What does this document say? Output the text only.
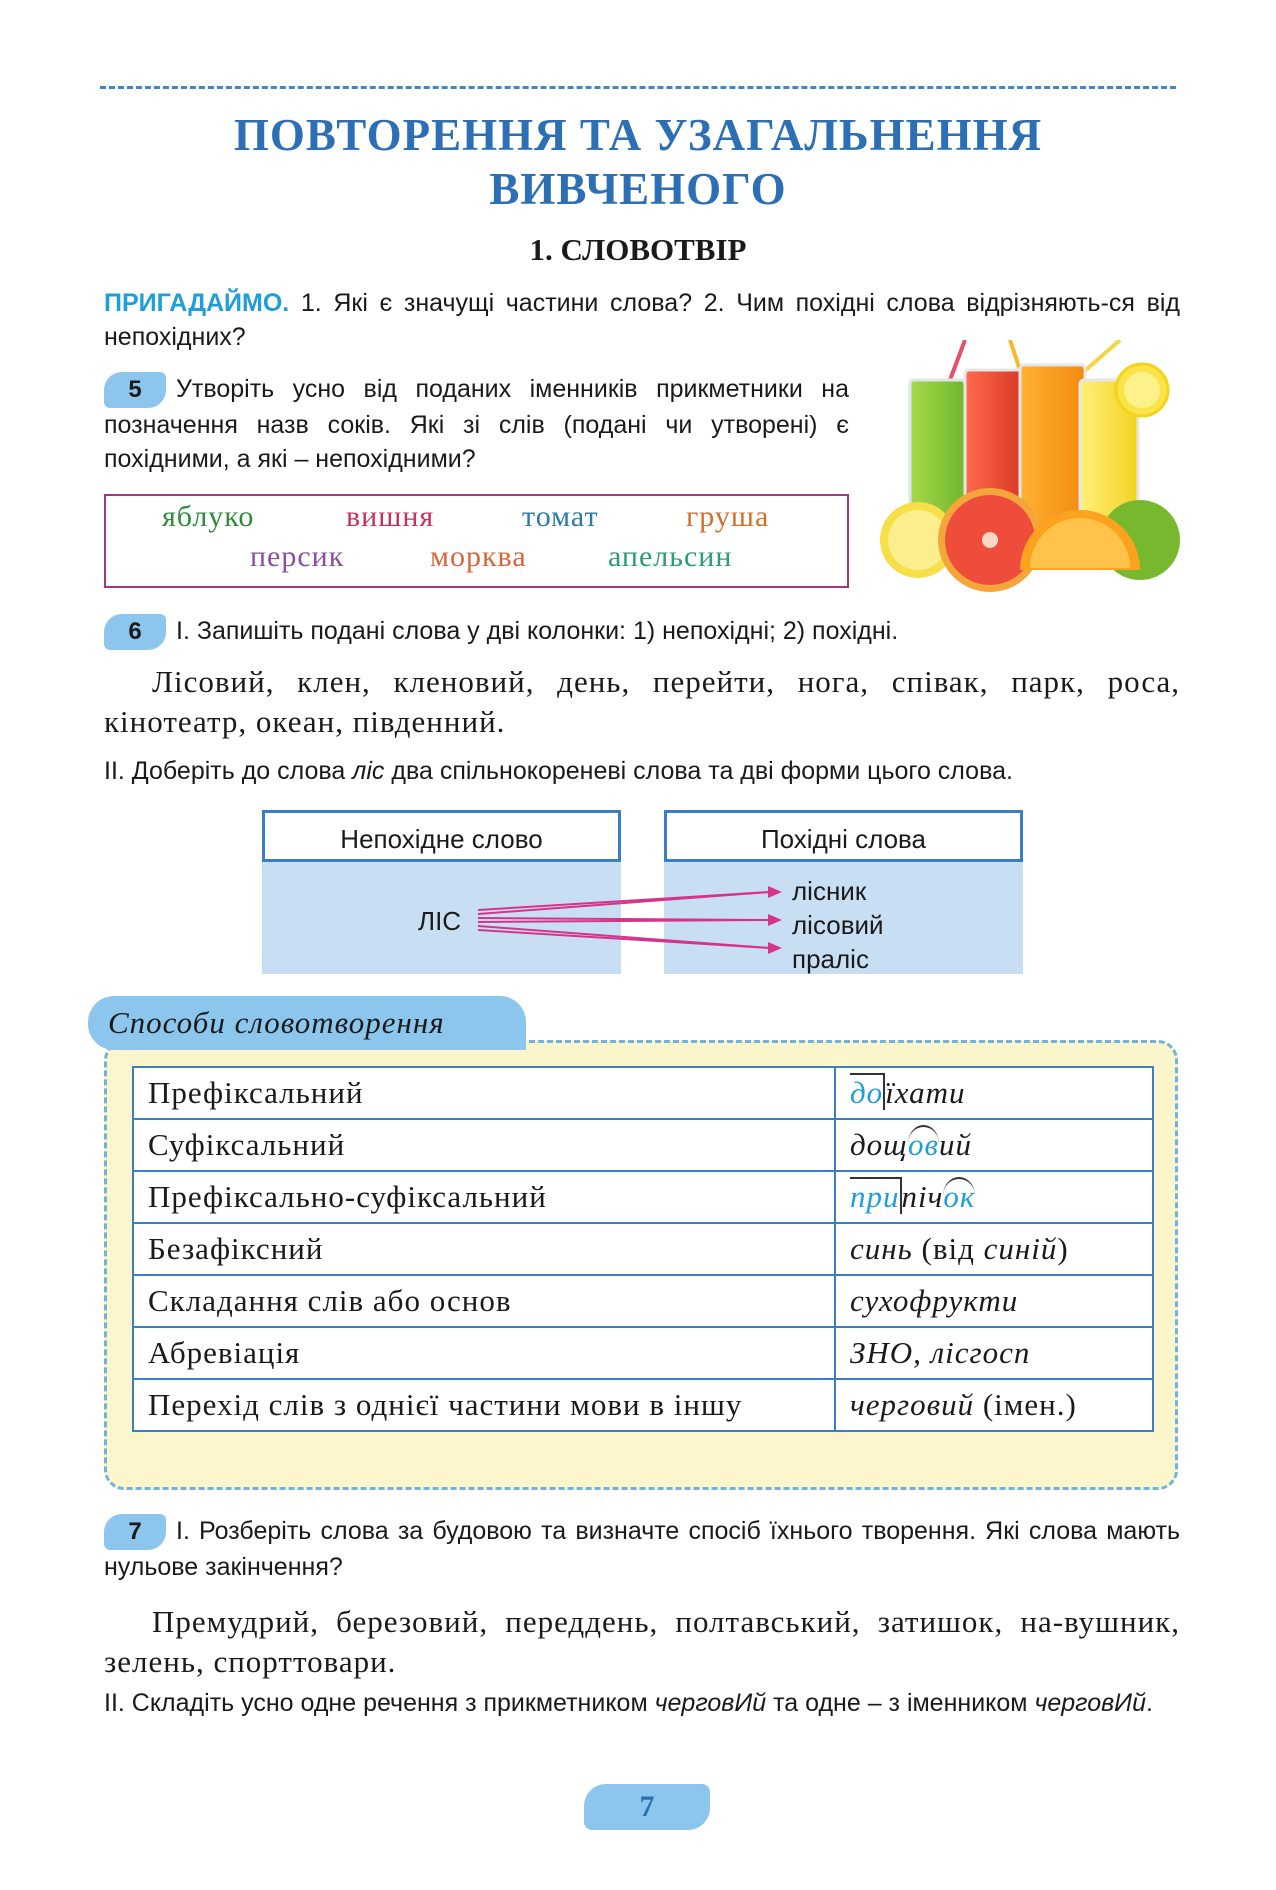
ПОВТОРЕННЯ ТА УЗАГАЛЬНЕННЯ
ВИВЧЕНОГО
1. СЛОВОТВІР
ПРИГАДАЙМО. 1. Які є значущі частини слова? 2. Чим похідні слова відрізняють-ся від непохідних?
5 Утворіть усно від поданих іменників прикметники на позначення назв соків. Які зі слів (подані чи утворені) є похідними, а які – непохідними?
яблуко	вишня	томат	груша
персик	морква	апельсин
6 І. Запишіть подані слова у дві колонки: 1) непохідні; 2) похідні.
Лісовий, клен, кленовий, день, перейти, нога, співак, парк, роса, кінотеатр, океан, південний.
ІІ. Доберіть до слова ліс два спільнокореневі слова та дві форми цього слова.
Непохідне слово	Похідні слова
ЛІС
лісник
лісовий
праліс
Способи словотворення
Префіксальний	доїхати
Суфіксальний	дощовий
Префіксально-суфіксальний	припічок
Безафіксний	синь (від синій)
Складання слів або основ	сухофрукти
Абревіація	ЗНО, лісгосп
Перехід слів з однієї частини мови в іншу	черговий (імен.)
7 І. Розберіть слова за будовою та визначте спосіб їхнього творення. Які слова мають нульове закінчення?
Премудрий, березовий, переддень, полтавський, затишок, на-вушник, зелень, спорттовари.
ІІ. Складіть усно одне речення з прикметником черговИй та одне – з іменником черговИй.
7
